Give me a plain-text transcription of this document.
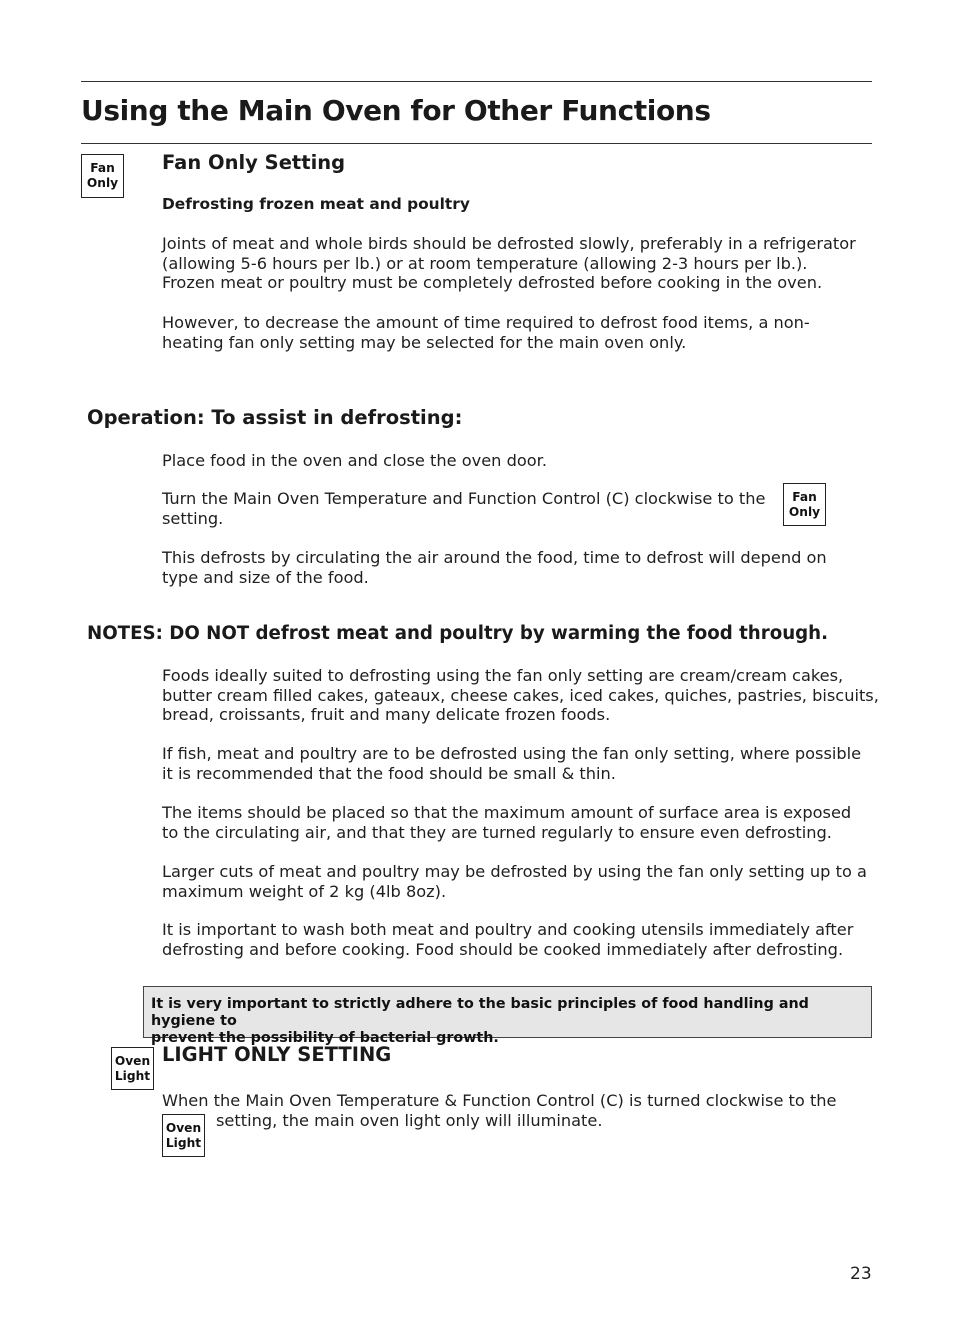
Using the Main Oven for Other Functions
Fan
Only
Fan Only Setting
Defrosting frozen meat and poultry
Joints of meat and whole birds should be defrosted slowly, preferably in a refrigerator
(allowing 5-6 hours per lb.) or at room temperature (allowing 2-3 hours per lb.).
Frozen meat or poultry must be completely defrosted before cooking in the oven.
However, to decrease the amount of time required to defrost food items, a non-
heating fan only setting may be selected for the main oven only.
Operation: To assist in defrosting:
Place food in the oven and close the oven door.
Turn the Main Oven Temperature and Function Control (C) clockwise to the
setting.
Fan
Only
This defrosts by circulating the air around the food, time to defrost will depend on
type and size of the food.
NOTES: DO NOT defrost meat and poultry by warming the food through.
Foods ideally suited to defrosting using the fan only setting are cream/cream cakes,
butter cream filled cakes, gateaux, cheese cakes, iced cakes, quiches, pastries, biscuits,
bread, croissants, fruit and many delicate frozen foods.
If fish, meat and poultry are to be defrosted using the fan only setting, where possible
it is recommended that the food should be small & thin.
The items should be placed so that the maximum amount of surface area is exposed
to the circulating air, and that they are turned regularly to ensure even defrosting.
Larger cuts of meat and poultry may be defrosted by using the fan only setting up to a
maximum weight of 2 kg (4lb 8oz).
It is important to wash both meat and poultry and cooking utensils immediately after
defrosting and before cooking. Food should be cooked immediately after defrosting.
It is very important to strictly adhere to the basic principles of food handling and hygiene to
prevent the possibility of bacterial growth.
Oven
Light
LIGHT ONLY SETTING
When the Main Oven Temperature & Function Control (C) is turned clockwise to the
Oven
Light
setting, the main oven light only will illuminate.
23
